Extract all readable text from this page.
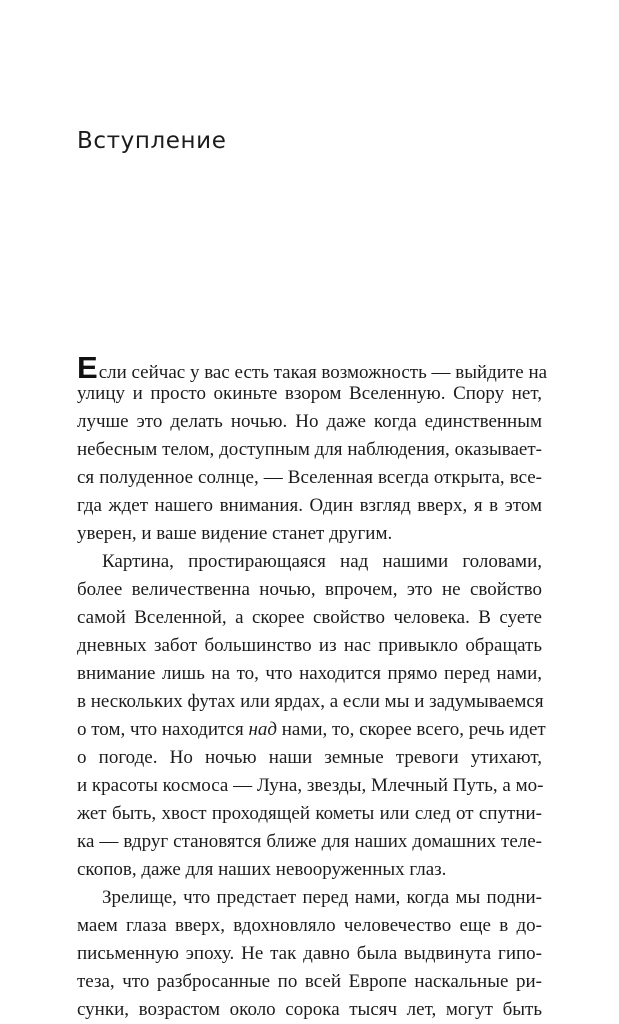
Вступление
Если сейчас у вас есть такая возможность — выйдите на
улицу и просто окиньте взором Вселенную. Спору нет,
лучше это делать ночью. Но даже когда единственным
небесным телом, доступным для наблюдения, оказывает-
ся полуденное солнце, — Вселенная всегда открыта, все-
гда ждет нашего внимания. Один взгляд вверх, я в этом
уверен, и ваше видение станет другим.
Картина, простирающаяся над нашими головами,
более величественна ночью, впрочем, это не свойство
самой Вселенной, а скорее свойство человека. В суете
дневных забот большинство из нас привыкло обращать
внимание лишь на то, что находится прямо перед нами,
в нескольких футах или ярдах, а если мы и задумываемся
о том, что находится над нами, то, скорее всего, речь идет
о погоде. Но ночью наши земные тревоги утихают,
и красоты космоса — Луна, звезды, Млечный Путь, а мо-
жет быть, хвост проходящей кометы или след от спутни-
ка — вдруг становятся ближе для наших домашних теле-
скопов, даже для наших невооруженных глаз.
Зрелище, что предстает перед нами, когда мы подни-
маем глаза вверх, вдохновляло человечество еще в до-
письменную эпоху. Не так давно была выдвинута гипо-
теза, что разбросанные по всей Европе наскальные ри-
сунки, возрастом около сорока тысяч лет, могут быть
